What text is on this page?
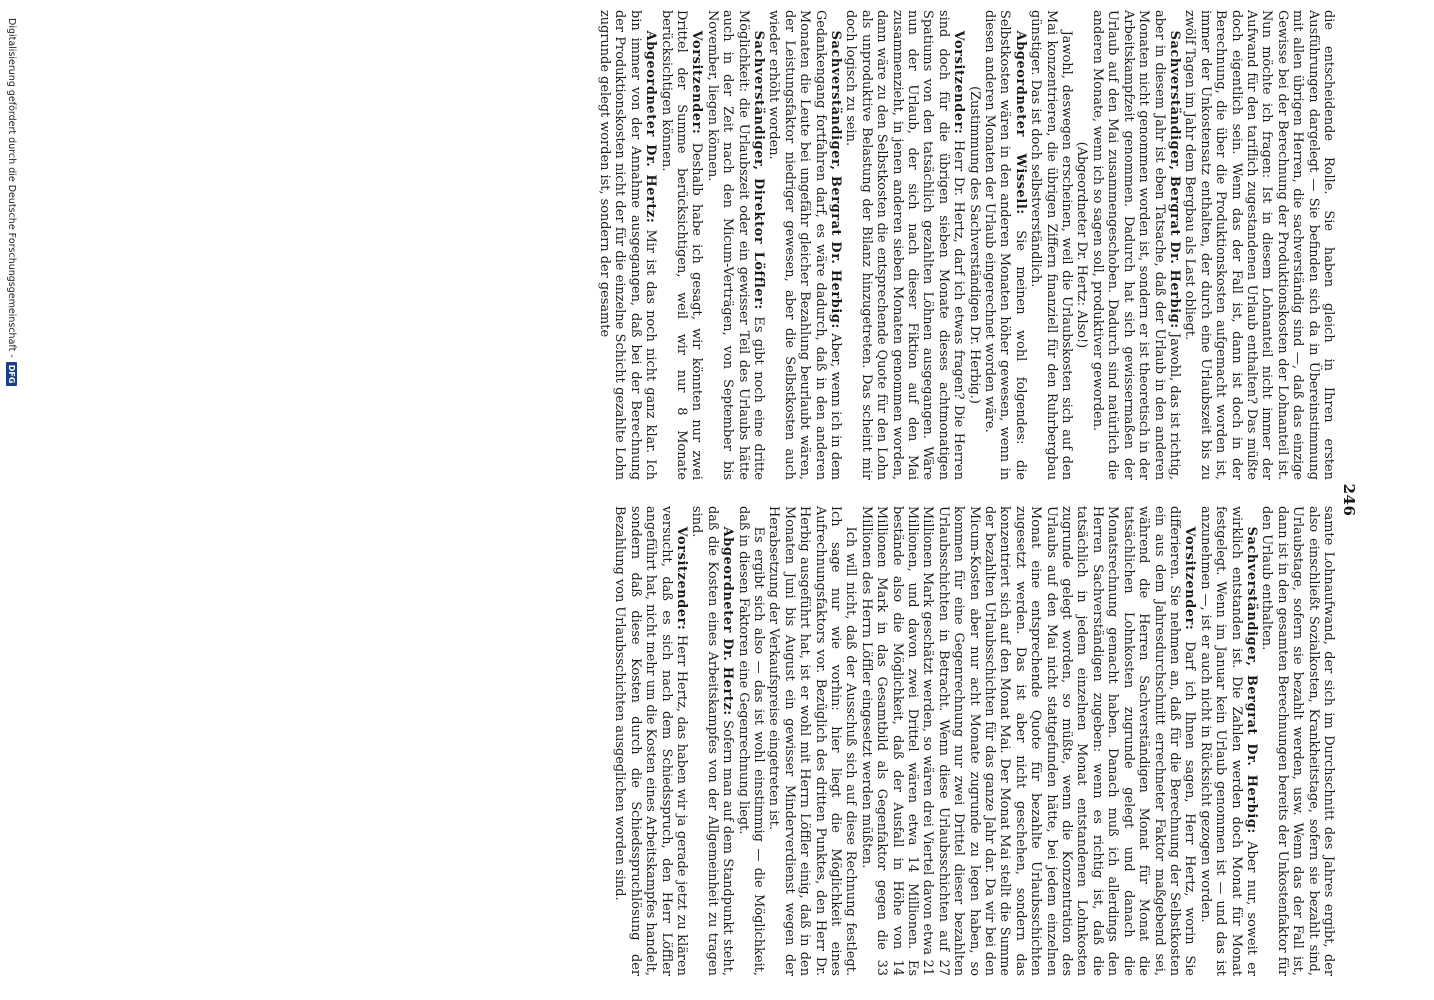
246

die entscheidende Rolle. Sie haben gleich in Ihren ersten Ausführungen dargelegt — Sie befinden sich da in Übereinstimmung mit allen übrigen Herren, die sachverständig sind —, daß das einzige Gewisse bei der Berechnung der Produktionskosten der Lohnanteil ist. Nun möchte ich fragen: Ist in diesem Lohnanteil nicht immer der Aufwand für den tariflich zugestandenen Urlaub enthalten? Das müßte doch eigentlich sein. Wenn das der Fall ist, dann ist doch in der Berechnung, die über die Produktionskosten aufgemacht worden ist, immer der Unkostensatz enthalten, der durch eine Urlaubszeit bis zu zwölf Tagen im Jahr dem Bergbau als Last obliegt.

Sachverständiger, Bergrat Dr. Herbig: Jawohl, das ist richtig, aber in diesem Jahr ist eben Tatsache, daß der Urlaub in den anderen Monaten nicht genommen worden ist, sondern er ist theoretisch in der Arbeitskampfzeit genommen. Dadurch hat sich gewissermaßen der Urlaub auf den Mai zusammengeschoben. Dadurch sind natürlich die anderen Monate, wenn ich so sagen soll, produktiver geworden.

(Abgeordneter Dr. Hertz: Also!)

Jawohl, deswegen erscheinen, weil die Urlaubskosten sich auf den Mai konzentrieren, die übrigen Ziffern finanziell für den Ruhrbergbau günstiger. Das ist doch selbstverständlich.

Abgeordneter Wissell: Sie meinen wohl folgendes: die Selbstkosten wären in den anderen Monaten höher gewesen, wenn in diesen anderen Monaten der Urlaub eingerechnet worden wäre.

(Zustimmung des Sachverständigen Dr. Herbig.)

Vorsitzender: Herr Dr. Hertz, darf ich etwas fragen? Die Herren sind doch für die übrigen sieben Monate dieses achtmonatigen Spatiums von den tatsächlich gezahlten Löhnen ausgegangen. Wäre nun der Urlaub, der sich nach dieser Fiktion auf den Mai zusammenzieht, in jenen anderen sieben Monaten genommen worden, dann wäre zu den Selbstkosten die entsprechende Quote für den Lohn als unproduktive Belastung der Bilanz hinzugetreten. Das scheint mir doch logisch zu sein.

Sachverständiger, Bergrat Dr. Herbig: Aber, wenn ich in dem Gedankengang fortfahren darf, es wäre dadurch, daß in den anderen Monaten die Leute bei ungefähr gleicher Bezahlung beurlaubt wären, der Leistungsfaktor niedriger gewesen, aber die Selbstkosten auch wieder erhöht worden.

Sachverständiger, Direktor Löffler: Es gibt noch eine dritte Möglichkeit: die Urlaubszeit oder ein gewisser Teil des Urlaubs hätte auch in der Zeit nach den Micum-Verträgen, von September bis November, liegen können.

Vorsitzender: Deshalb habe ich gesagt, wir könnten nur zwei Drittel der Summe berücksichtigen, weil wir nur 8 Monate berücksichtigen können.

Abgeordneter Dr. Hertz: Mir ist das noch nicht ganz klar. Ich bin immer von der Annahme ausgegangen, daß bei der Berechnung der Produktionskosten nicht der für die einzelne Schicht gezahlte Lohn zugrunde gelegt worden ist, sondern der gesamte

samte Lohnaufwand, der sich im Durchschnitt des Jahres ergibt, der also einschließt Sozialkosten, Krankheitstage, sofern sie bezahlt sind, Urlaubstage, sofern sie bezahlt werden, usw. Wenn das der Fall ist, dann ist in den gesamten Berechnungen bereits der Unkostenfaktor für den Urlaub enthalten.

Sachverständiger, Bergrat Dr. Herbig: Aber nur, soweit er wirklich entstanden ist. Die Zahlen werden doch Monat für Monat festgelegt. Wenn im Januar kein Urlaub genommen ist — und das ist anzunehmen —, ist er auch nicht in Rücksicht gezogen worden.

Vorsitzender: Darf ich Ihnen sagen, Herr Hertz, worin Sie differieren. Sie nehmen an, daß für die Berechnung der Selbstkosten ein aus dem Jahresdurchschnitt errechneter Faktor maßgebend sei, während die Herren Sachverständigen Monat für Monat die tatsächlichen Lohnkosten zugrunde gelegt und danach die Monatsrechnung gemacht haben. Danach muß ich allerdings den Herren Sachverständigen zugeben: wenn es richtig ist, daß die tatsächlich in jedem einzelnen Monat entstandenen Lohnkosten zugrunde gelegt worden, so müßte, wenn die Konzentration des Urlaubs auf den Mai nicht stattgefunden hätte, bei jedem einzelnen Monat eine entsprechende Quote für bezahlte Urlaubsschichten zugesetzt werden. Das ist aber nicht geschehen, sondern das konzentriert sich auf den Monat Mai. Der Monat Mai stellt die Summe der bezahlten Urlaubsschichten für das ganze Jahr dar. Da wir bei den Micum-Kosten aber nur acht Monate zugrunde zu legen haben, so kommen für eine Gegenrechnung nur zwei Drittel dieser bezahlten Urlaubsschichten in Betracht. Wenn diese Urlaubsschichten auf 27 Millionen Mark geschätzt werden, so wären drei Viertel davon etwa 21 Millionen, und davon zwei Drittel wären etwa 14 Millionen. Es bestände also die Möglichkeit, daß der Ausfall in Höhe von 14 Millionen Mark in das Gesamtbild als Gegenfaktor gegen die 33 Millionen des Herrn Löffler eingesetzt werden müßten.

Ich will nicht, daß der Ausschuß sich auf diese Rechnung festlegt. Ich sage nur wie vorhin: hier liegt die Möglichkeit eines Aufrechnungsfaktors vor. Bezüglich des dritten Punktes, den Herr Dr. Herbig ausgeführt hat, ist er wohl mit Herrn Löffler einig, daß in den Monaten Juni bis August ein gewisser Minderverdienst wegen der Herabsetzung der Verkaufspreise eingetreten ist.

Es ergibt sich also — das ist wohl einstimmig — die Möglichkeit, daß in diesen Faktoren eine Gegenrechnung liegt.

Abgeordneter Dr. Hertz: Sofern man auf dem Standpunkt steht, daß die Kosten eines Arbeitskampfes von der Allgemeinheit zu tragen sind.

Vorsitzender: Herr Hertz, das haben wir ja gerade jetzt zu klären versucht, daß es sich nach dem Schiedsspruch, den Herr Löffler angeführt hat, nicht mehr um die Kosten eines Arbeitskampfes handelt, sondern daß diese Kosten durch die Schiedsspruchlösung der Bezahlung von Urlaubsschichten ausgeglichen worden sind.

Digitalisierung gefördert durch die Deutsche Forschungsgemeinschaft -
DFG
